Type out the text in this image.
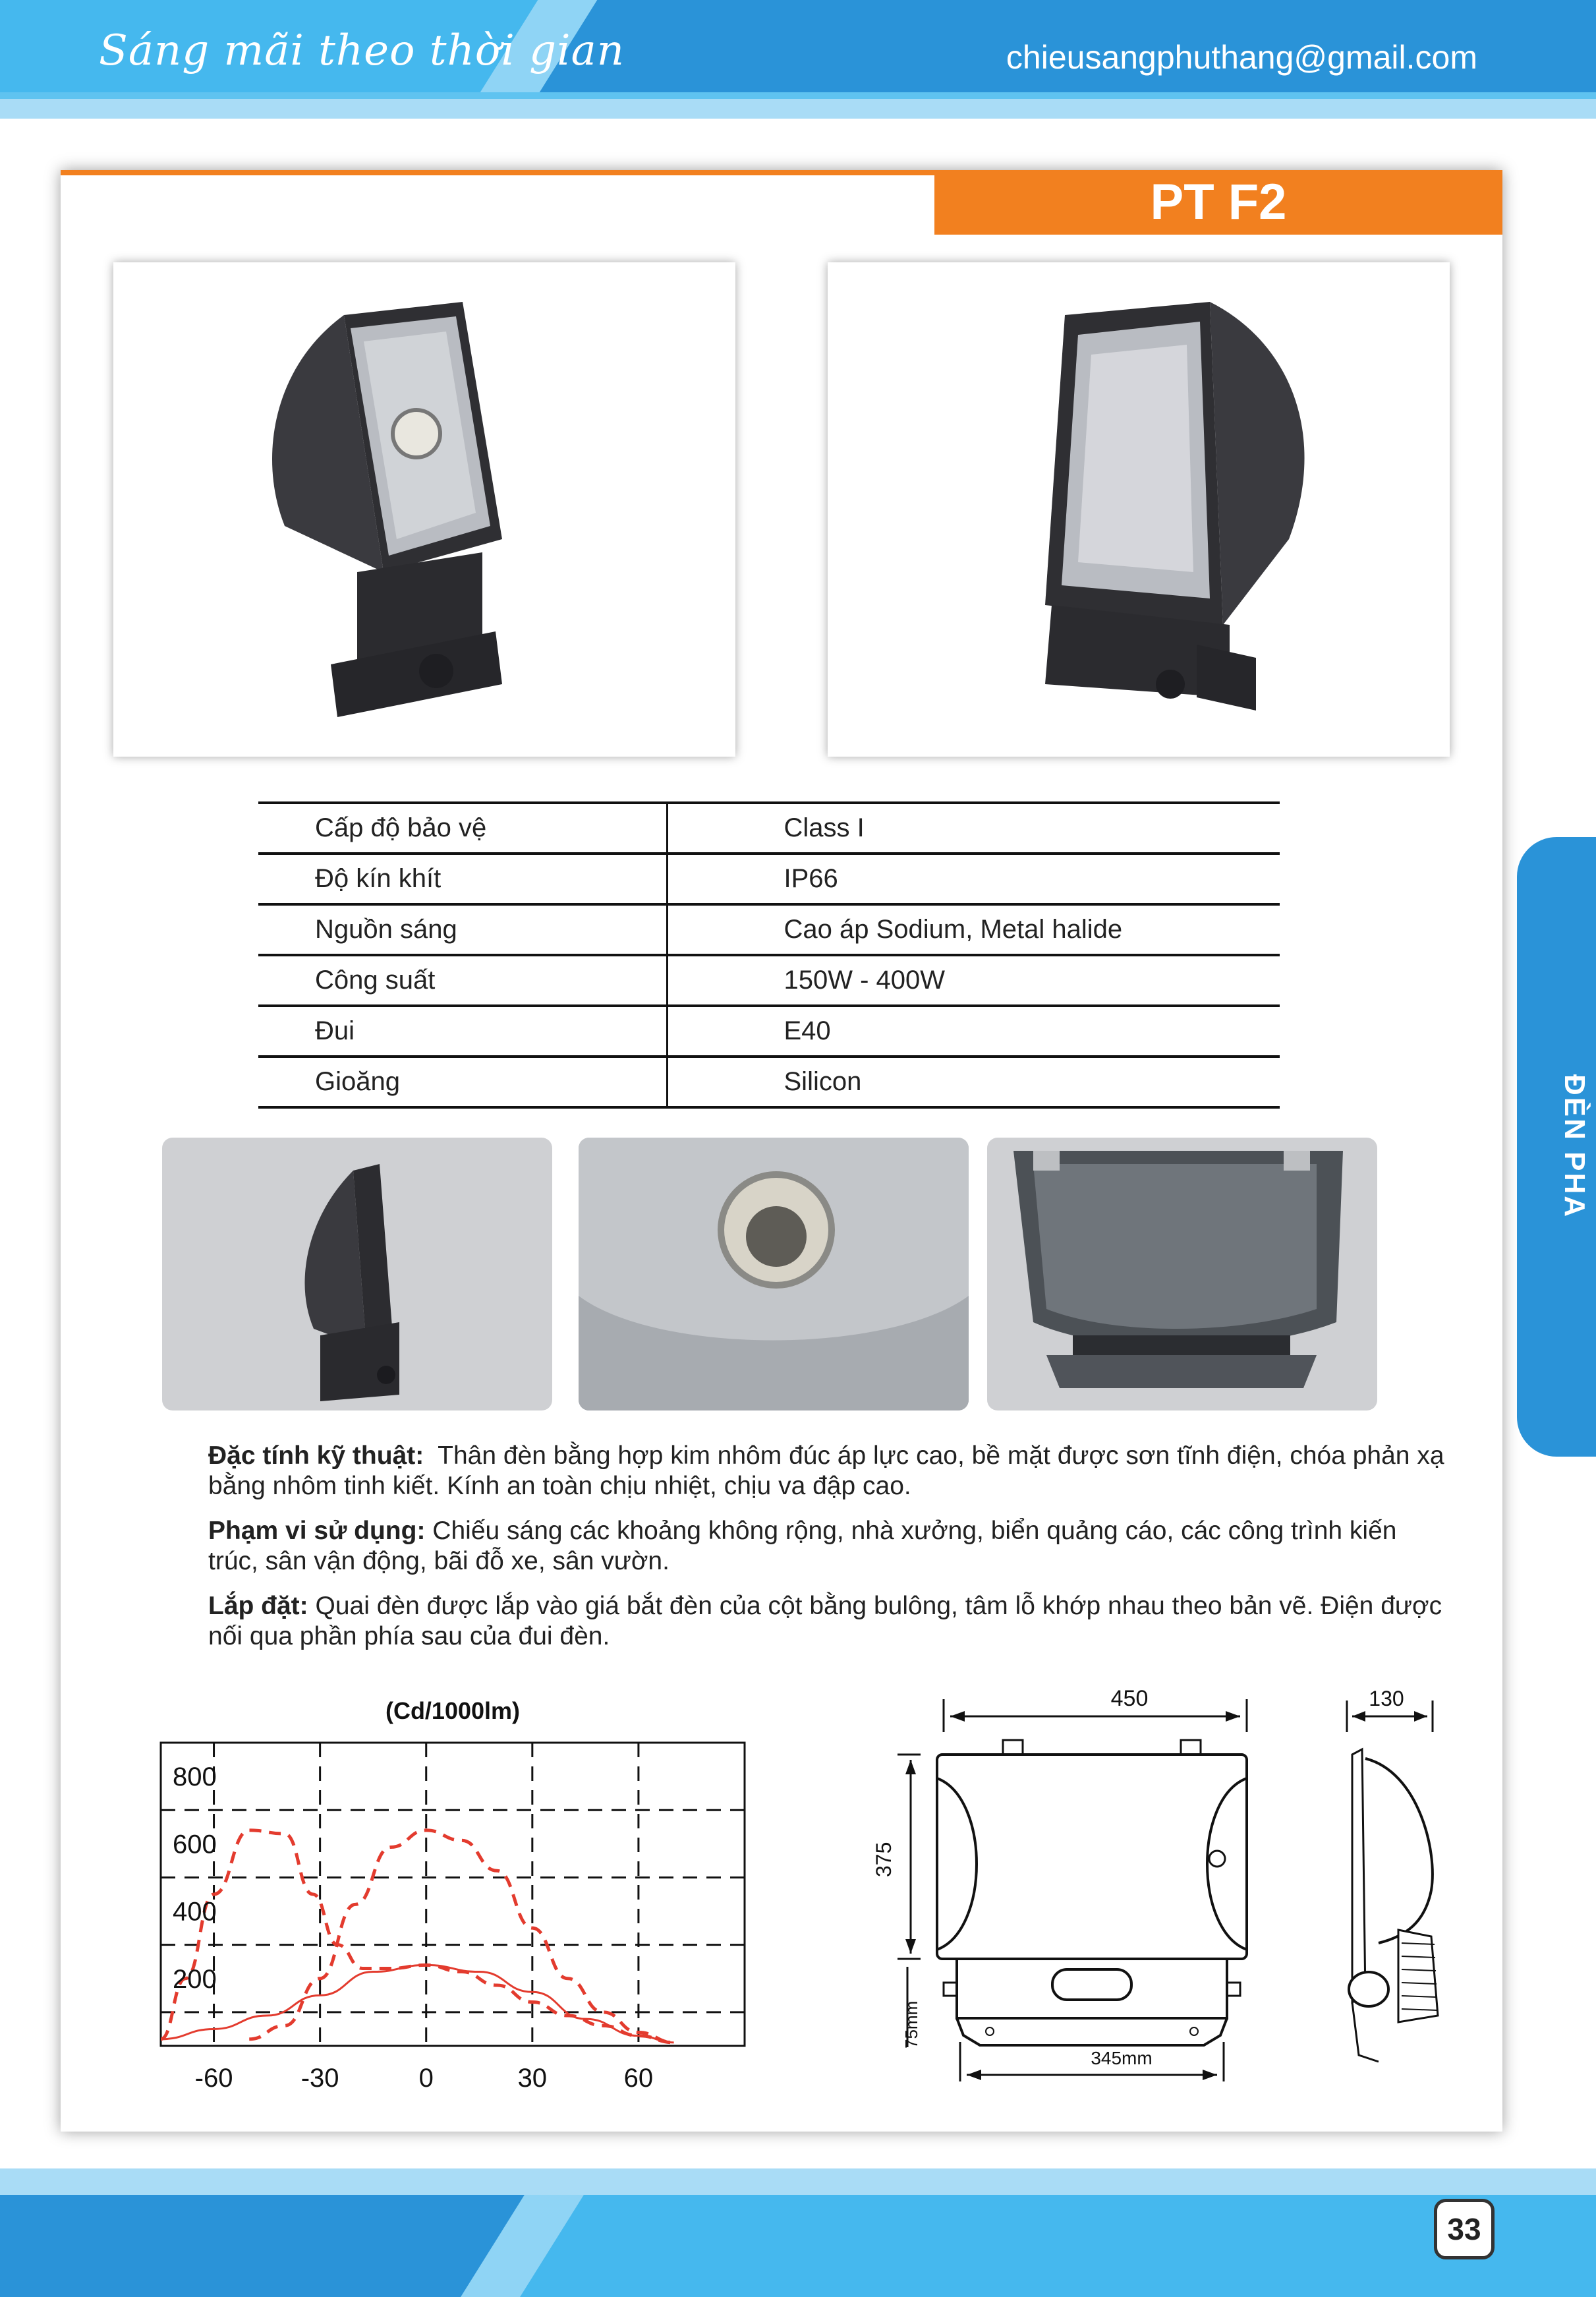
Sáng mãi theo thời gian	chieusangphuthang@gmail.com
ĐÈN PHA
PT F2
(Cd/1000lm)
200
400
600
800
-60	-30	0	30	60
450
375
75mm
345mm
130
Cấp độ bảo vệ	Class I
Độ kín khít	IP66
Nguồn sáng	Cao áp Sodium, Metal halide
Công suất	150W - 400W
Đui	E40
Gioăng	Silicon

Đặc tính kỹ thuật: Thân đèn bằng hợp kim nhôm đúc áp lực cao, bề mặt được sơn tĩnh điện, chóa phản xạ bằng nhôm tinh kiết. Kính an toàn chịu nhiệt, chịu va đập cao.

Phạm vi sử dụng: Chiếu sáng các khoảng không rộng, nhà xưởng, biển quảng cáo, các công trình kiến trúc, sân vận động, bãi đỗ xe, sân vườn.

Lắp đặt: Quai đèn được lắp vào giá bắt đèn của cột bằng bulông, tâm lỗ khớp nhau theo bản vẽ. Điện được nối qua phần phía sau của đui đèn.

33
